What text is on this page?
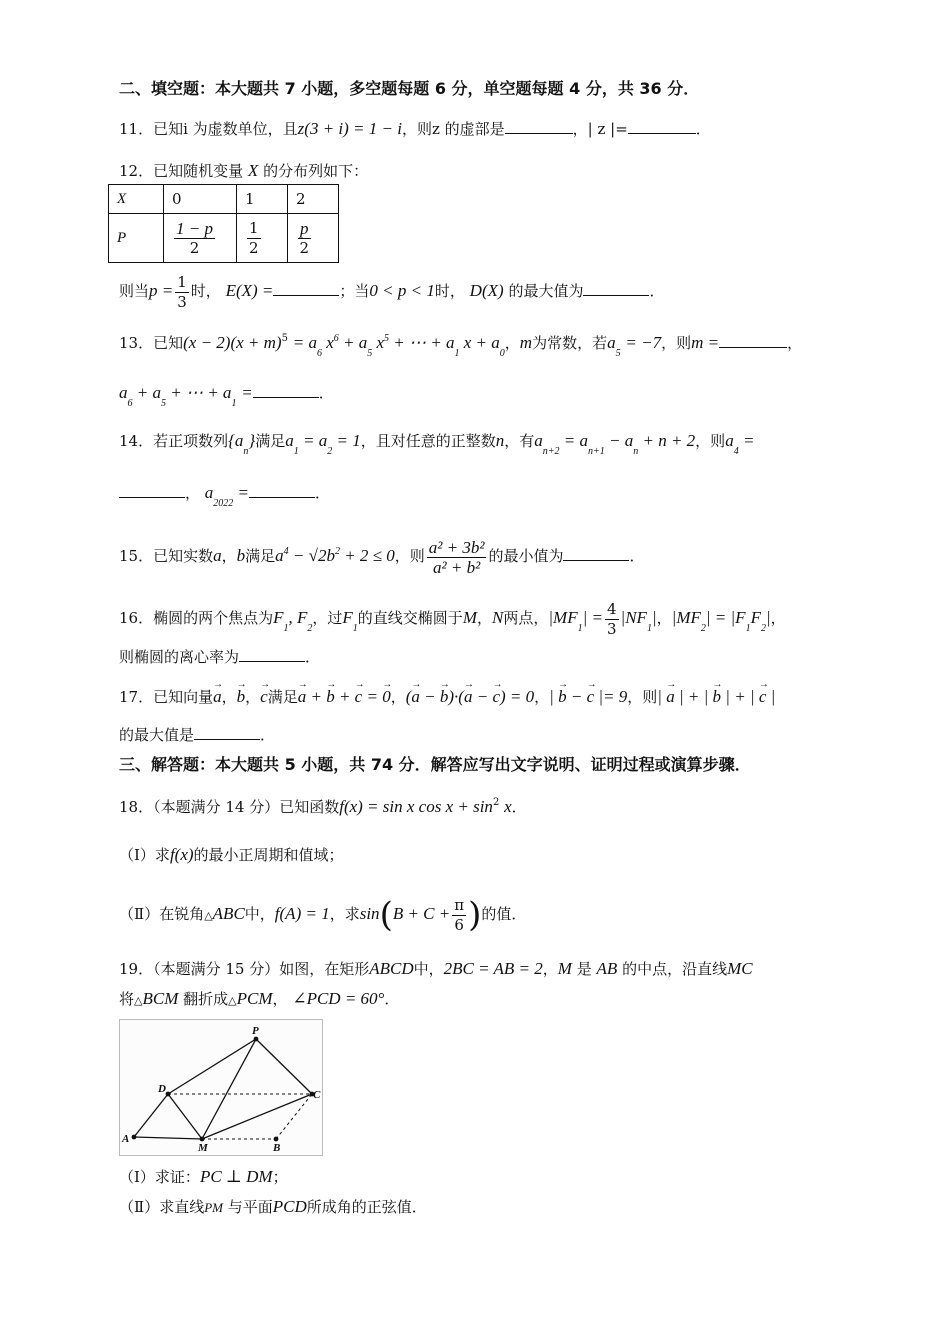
二、填空题：本大题共 7 小题，多空题每题 6 分，单空题每题 4 分，共 36 分．
11．已知i 为虚数单位，且z(3 + i) = 1 − i，则z 的虚部是	，| z |=	．
12．已知随机变量 X 的分布列如下：
X	0	1	2
P	$\frac{1 - p}{2}$	$\frac{1}{2}$	$\frac{p}{2}$
则当$p = \frac{1}{3}$ 时， E(X) =	；当0 < p < 1时， D(X) 的最大值为	．
13．已知$(x - 2)(x + m)^5 = a_6$ $x^6 + a_5$ $x^5$ + ⋯ + $a_1$ $x + a_0$，m为常数，若$a_5 = -7$，则m =	，
$a_6 + a_5$ + ⋯ + $a_1$ =	．
14．若正项数列$\{a_n\}$满足$a_1 = a_2 = 1$，且对任意的正整数n，有$a_{n+2} = a_{n+1} - a_n + n + 2$，则$a_4$ =
， $a_{2022}$ =	．
15．已知实数a，b满足$a^4 - √2b^2 + 2 \le 0$，则 $\frac{\text{a² + 3b²}}{\text{a² + b²}}$ 的最小值为	．
16．椭圆的两个焦点为$F_1$, $F_2$，过$F_1$的直线交椭圆于M，N两点，$|MF_1| = \frac{4}{3} |NF_1|$，$|MF_2| = |F_1F_2|$，
则椭圆的离心率为	．
17．已知向量→ a，→ b，→ c满足→ a + → b + → c = → 0，(→ a − → b)·(→ a − → c) = 0，| → b − → c |= 9，则| → a | + | → b | + | → c |
的最大值是	．
三、解答题：本大题共 5 小题，共 74 分．解答应写出文字说明、证明过程或演算步骤．
18．（本题满分 14 分）已知函数f(x) = sin x $\cos x + \sin^2 x$．
（Ⅰ）求f(x)的最小正周期和值域；
（Ⅱ）在锐角△ABC中，f(A) = 1，求$\sin(B + C + \frac{\pi}{6}$ )的值．
19．（本题满分 15 分）如图，在矩形ABCD中，2BC = AB = 2，M 是 AB 的中点，沿直线MC
将△BCM 翻折成△PCM， ∠PCD = 60°．
P
D	C
A
M	B
（Ⅰ）求证：PC ⊥ DM；
（Ⅱ）求直线PM 与平面PCD所成角的正弦值．
